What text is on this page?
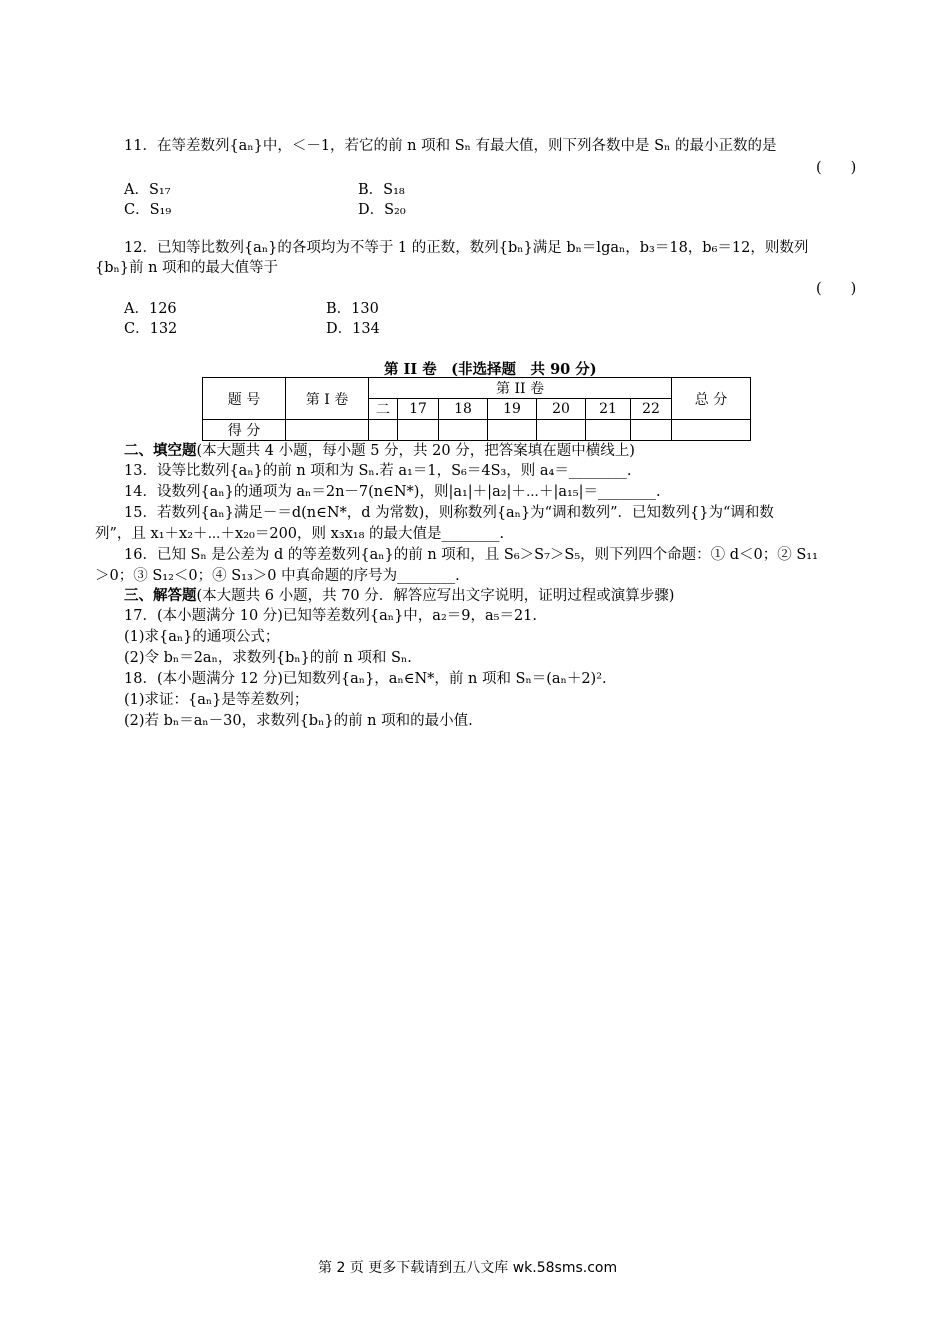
11．在等差数列{aₙ}中，＜－1，若它的前 n 项和 Sₙ 有最大值，则下列各数中是 Sₙ 的最小正数的是
(　　)
A．S₁₇	B．S₁₈
C．S₁₉	D．S₂₀
12．已知等比数列{aₙ}的各项均为不等于 1 的正数，数列{bₙ}满足 bₙ＝lgaₙ，b₃＝18，b₆＝12，则数列
{bₙ}前 n 项和的最大值等于
(　　)
A．126	B．130
C．132	D．134
第 II 卷　(非选择题　共 90 分)
题 号	第 I 卷	第 II 卷							总 分
		二	17	18	19	20	21	22	
得 分									
二、填空题(本大题共 4 小题，每小题 5 分，共 20 分，把答案填在题中横线上)
13．设等比数列{aₙ}的前 n 项和为 Sₙ.若 a₁＝1，S₆＝4S₃，则 a₄＝________.
14．设数列{aₙ}的通项为 aₙ＝2n－7(n∈N*)，则|a₁|＋|a₂|＋⋯＋|a₁₅|＝________.
15．若数列{aₙ}满足－＝d(n∈N*，d 为常数)，则称数列{aₙ}为“调和数列”．已知数列{}为“调和数
列”，且 x₁＋x₂＋⋯＋x₂₀＝200，则 x₃x₁₈ 的最大值是________.
16．已知 Sₙ 是公差为 d 的等差数列{aₙ}的前 n 项和，且 S₆＞S₇＞S₅，则下列四个命题：① d＜0；② S₁₁
＞0；③ S₁₂＜0；④ S₁₃＞0 中真命题的序号为________.
三、解答题(本大题共 6 小题，共 70 分．解答应写出文字说明，证明过程或演算步骤)
17．(本小题满分 10 分)已知等差数列{aₙ}中，a₂＝9，a₅＝21.
(1)求{aₙ}的通项公式；
(2)令 bₙ＝2aₙ，求数列{bₙ}的前 n 项和 Sₙ.
18．(本小题满分 12 分)已知数列{aₙ}，aₙ∈N*，前 n 项和 Sₙ＝(aₙ＋2)².
(1)求证：{aₙ}是等差数列；
(2)若 bₙ＝aₙ－30，求数列{bₙ}的前 n 项和的最小值.
第 2 页 更多下载请到五八文库 wk.58sms.com
